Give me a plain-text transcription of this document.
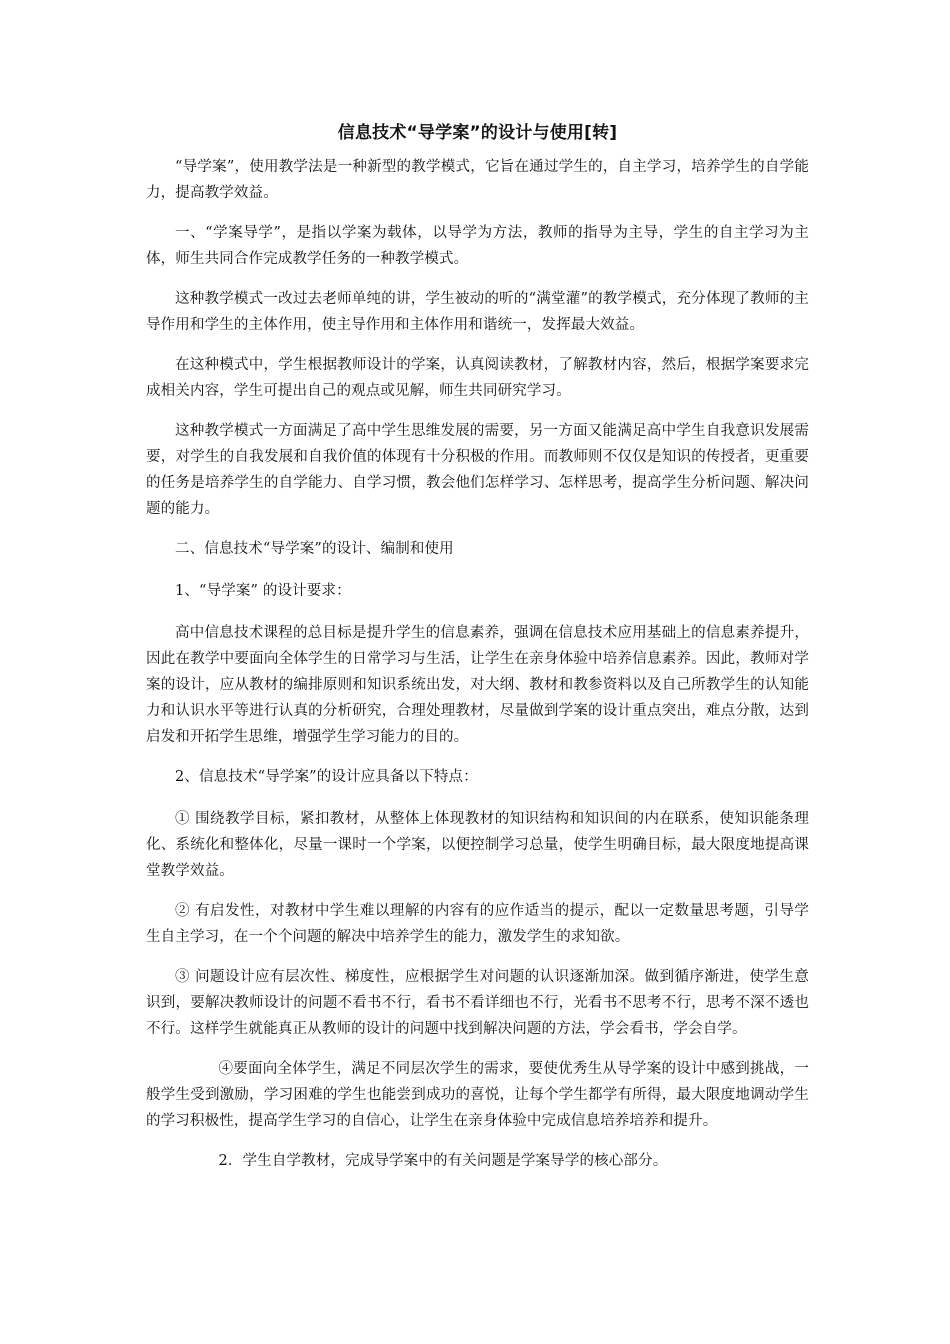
信息技术“导学案”的设计与使用[转]

“导学案”，使用教学法是一种新型的教学模式，它旨在通过学生的，自主学习，培养学生的自学能力，提高教学效益。

一、“学案导学”，是指以学案为载体，以导学为方法，教师的指导为主导，学生的自主学习为主体，师生共同合作完成教学任务的一种教学模式。

这种教学模式一改过去老师单纯的讲，学生被动的听的“满堂灌”的教学模式，充分体现了教师的主导作用和学生的主体作用，使主导作用和主体作用和谐统一，发挥最大效益。

在这种模式中，学生根据教师设计的学案，认真阅读教材，了解教材内容，然后，根据学案要求完成相关内容，学生可提出自己的观点或见解，师生共同研究学习。

这种教学模式一方面满足了高中学生思维发展的需要，另一方面又能满足高中学生自我意识发展需要，对学生的自我发展和自我价值的体现有十分积极的作用。而教师则不仅仅是知识的传授者，更重要的任务是培养学生的自学能力、自学习惯，教会他们怎样学习、怎样思考，提高学生分析问题、解决问题的能力。

二、信息技术“导学案”的设计、编制和使用

1、“导学案” 的设计要求：

高中信息技术课程的总目标是提升学生的信息素养，强调在信息技术应用基础上的信息素养提升，因此在教学中要面向全体学生的日常学习与生活，让学生在亲身体验中培养信息素养。因此，教师对学案的设计，应从教材的编排原则和知识系统出发，对大纲、教材和教参资料以及自己所教学生的认知能力和认识水平等进行认真的分析研究，合理处理教材，尽量做到学案的设计重点突出，难点分散，达到启发和开拓学生思维，增强学生学习能力的目的。

2、信息技术“导学案”的设计应具备以下特点：

① 围绕教学目标，紧扣教材，从整体上体现教材的知识结构和知识间的内在联系，使知识能条理化、系统化和整体化，尽量一课时一个学案，以便控制学习总量，使学生明确目标，最大限度地提高课堂教学效益。

② 有启发性，对教材中学生难以理解的内容有的应作适当的提示，配以一定数量思考题，引导学生自主学习，在一个个问题的解决中培养学生的能力，激发学生的求知欲。

③ 问题设计应有层次性、梯度性，应根据学生对问题的认识逐渐加深。做到循序渐进，使学生意识到，要解决教师设计的问题不看书不行，看书不看详细也不行，光看书不思考不行，思考不深不透也不行。这样学生就能真正从教师的设计的问题中找到解决问题的方法，学会看书，学会自学。

④要面向全体学生，满足不同层次学生的需求，要使优秀生从导学案的设计中感到挑战，一般学生受到激励，学习困难的学生也能尝到成功的喜悦，让每个学生都学有所得，最大限度地调动学生的学习积极性，提高学生学习的自信心，让学生在亲身体验中完成信息培养培养和提升。

2．学生自学教材，完成导学案中的有关问题是学案导学的核心部分。
